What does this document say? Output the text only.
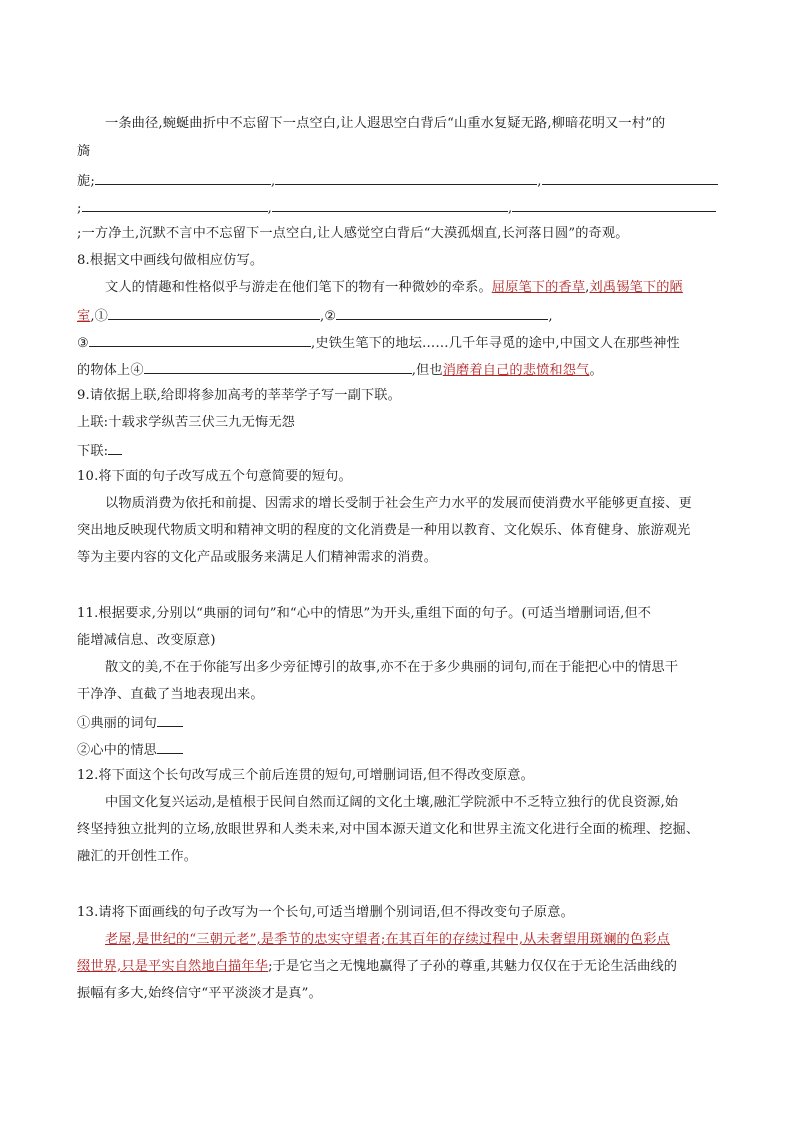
一条曲径,蜿蜒曲折中不忘留下一点空白,让人遐思空白背后“山重水复疑无路,柳暗花明又一村”的
旖
旎;	,	,
;	,	,
;一方净土,沉默不言中不忘留下一点空白,让人感觉空白背后“大漠孤烟直,长河落日圆”的奇观。
8.根据文中画线句做相应仿写。
文人的情趣和性格似乎与游走在他们笔下的物有一种微妙的牵系。屈原笔下的香草,刘禹锡笔下的陋
室,①	,②	,
③	,史铁生笔下的地坛……几千年寻觅的途中,中国文人在那些神性
的物体上④	,但也消磨着自己的悲愤和怨气。
9.请依据上联,给即将参加高考的莘莘学子写一副下联。
上联:十载求学纵苦三伏三九无悔无怨
下联:
10.将下面的句子改写成五个句意简要的短句。
以物质消费为依托和前提、因需求的增长受制于社会生产力水平的发展而使消费水平能够更直接、更
突出地反映现代物质文明和精神文明的程度的文化消费是一种用以教育、文化娱乐、体育健身、旅游观光
等为主要内容的文化产品或服务来满足人们精神需求的消费。
11.根据要求,分别以“典丽的词句”和“心中的情思”为开头,重组下面的句子。(可适当增删词语,但不
能增减信息、改变原意)
散文的美,不在于你能写出多少旁征博引的故事,亦不在于多少典丽的词句,而在于能把心中的情思干
干净净、直截了当地表现出来。
①典丽的词句
②心中的情思
12.将下面这个长句改写成三个前后连贯的短句,可增删词语,但不得改变原意。
中国文化复兴运动,是植根于民间自然而辽阔的文化土壤,融汇学院派中不乏特立独行的优良资源,始
终坚持独立批判的立场,放眼世界和人类未来,对中国本源天道文化和世界主流文化进行全面的梳理、挖掘、
融汇的开创性工作。
13.请将下面画线的句子改写为一个长句,可适当增删个别词语,但不得改变句子原意。
老屋,是世纪的“三朝元老”,是季节的忠实守望者;在其百年的存续过程中,从未奢望用斑斓的色彩点
缀世界,只是平实自然地白描年华;于是它当之无愧地赢得了子孙的尊重,其魅力仅仅在于无论生活曲线的
振幅有多大,始终信守“平平淡淡才是真”。
